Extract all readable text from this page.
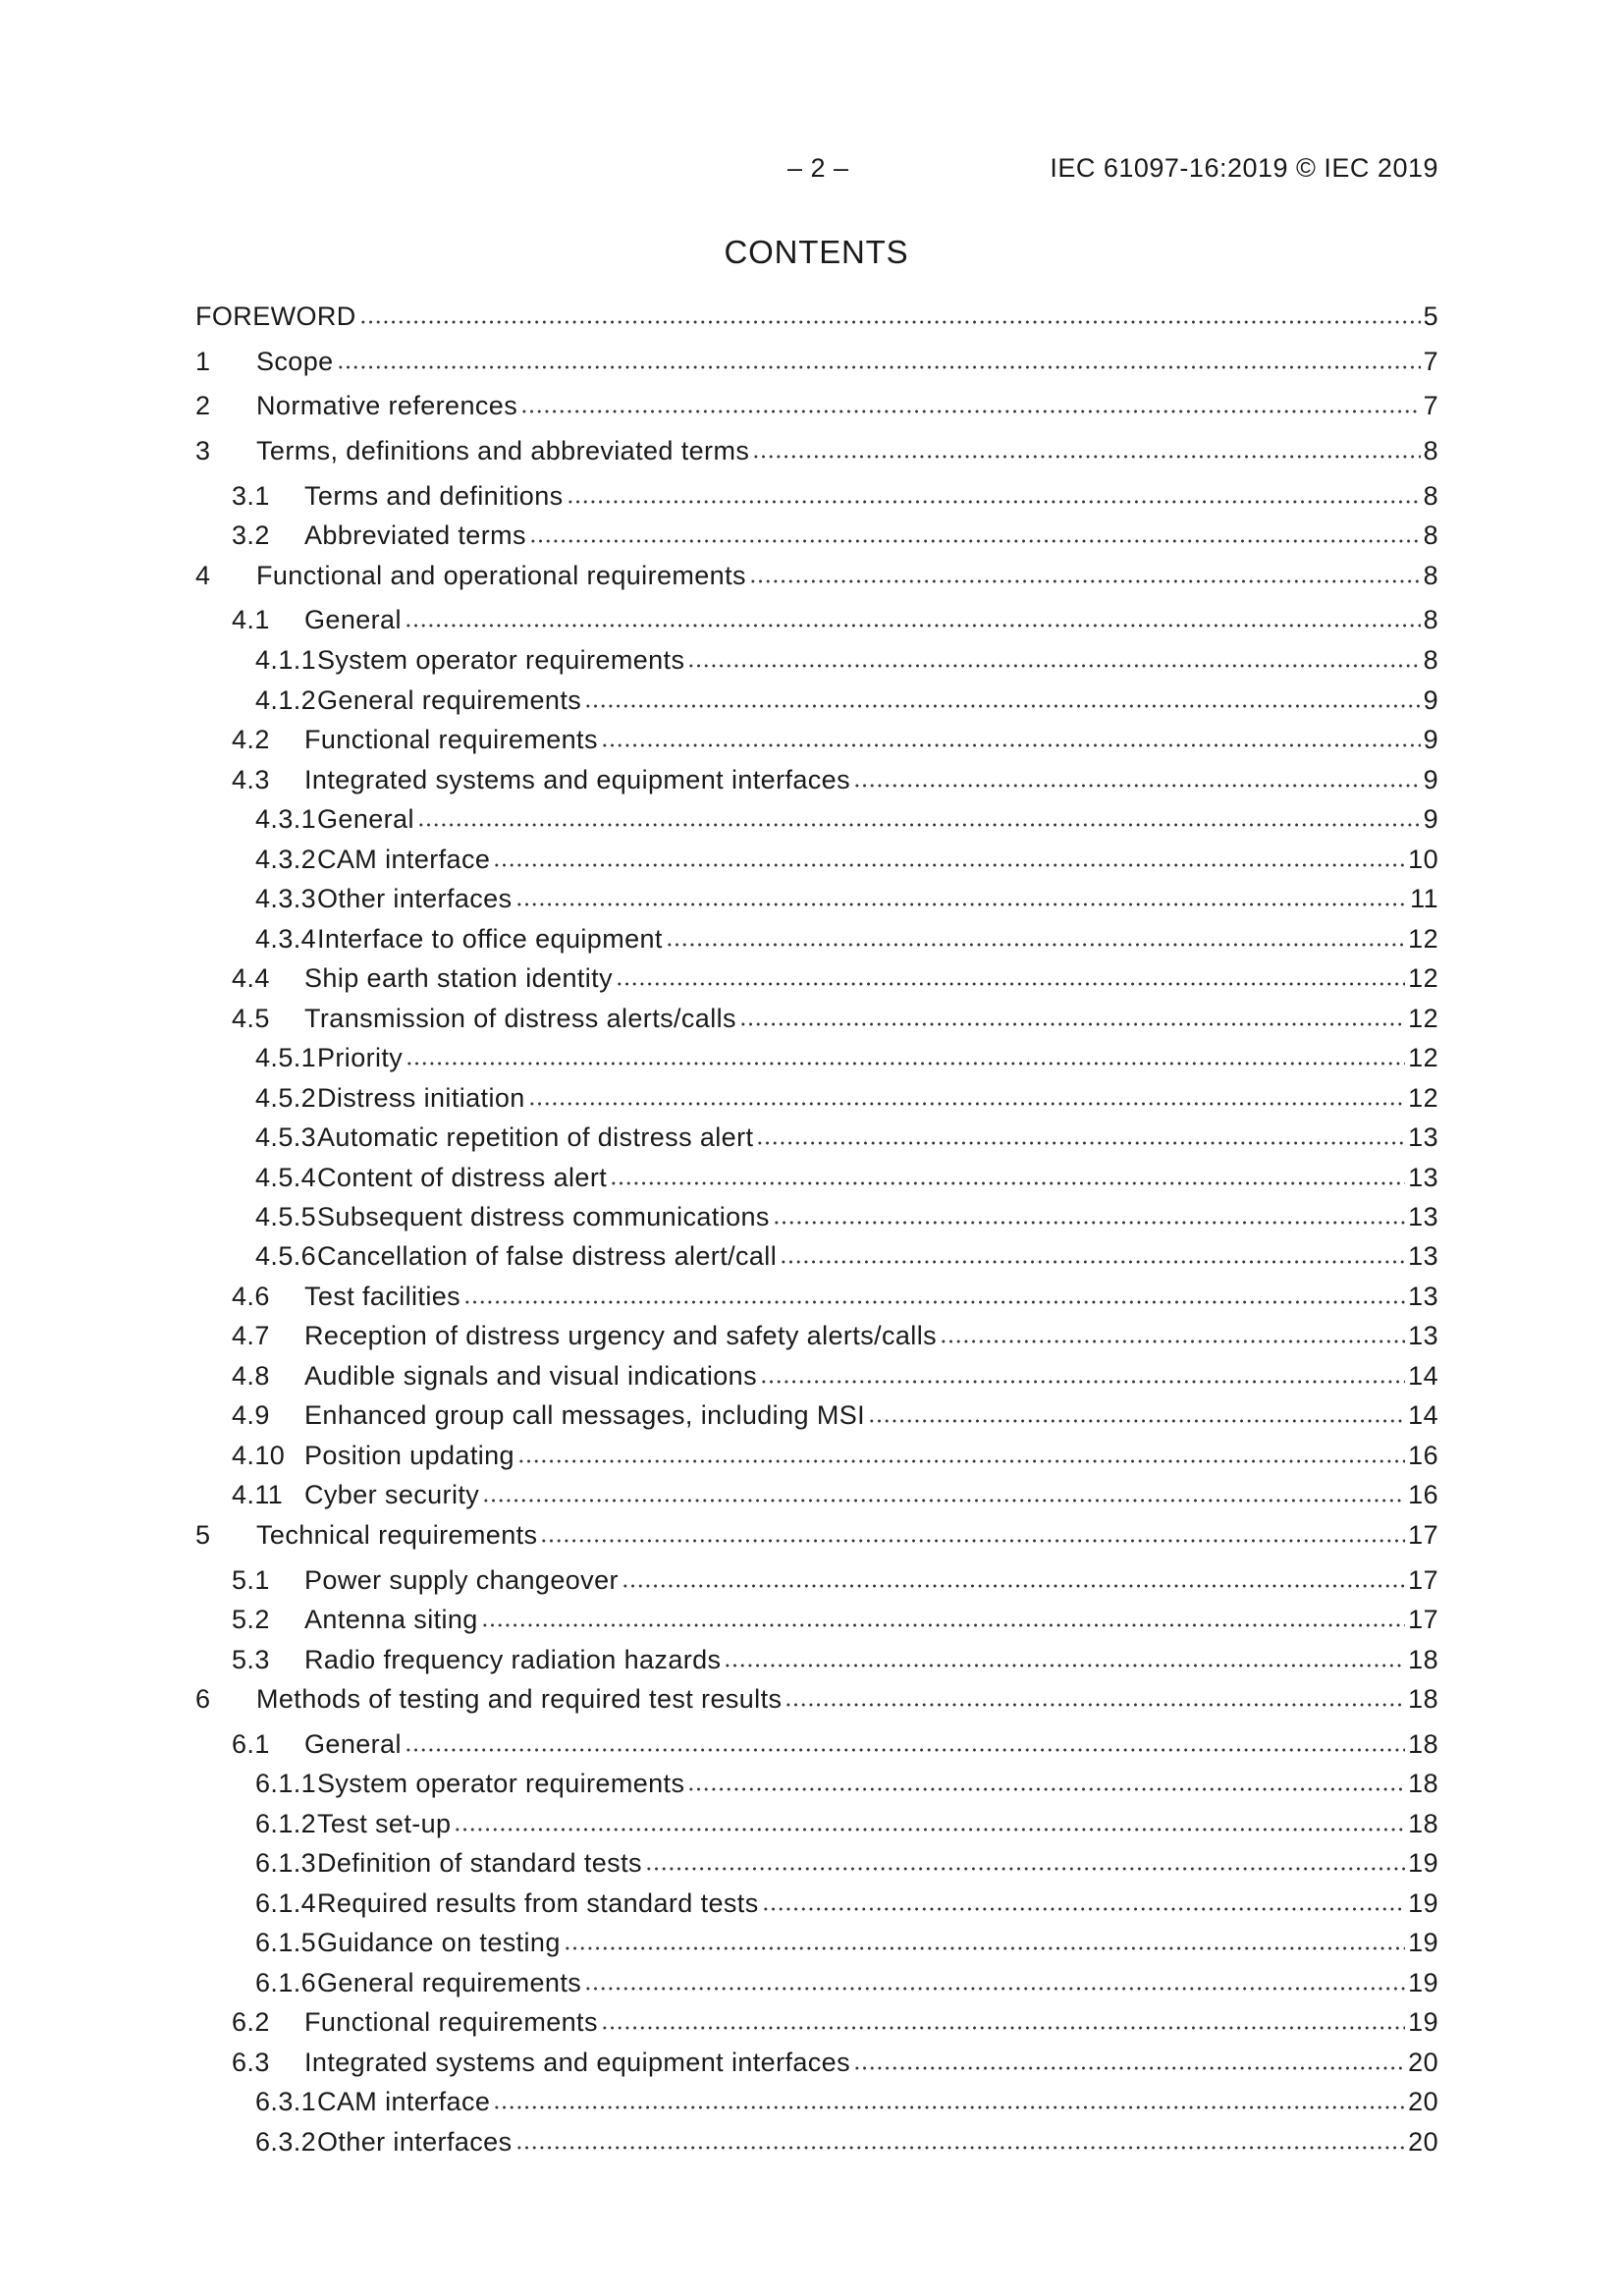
– 2 –	IEC 61097-16:2019 © IEC 2019
CONTENTS
FOREWORD	5
1	Scope	7
2	Normative references	7
3	Terms, definitions and abbreviated terms	8
3.1 Terms and definitions	8
3.2 Abbreviated terms	8
4	Functional and operational requirements	8
4.1 General	8
4.1.1 System operator requirements	8
4.1.2 General requirements	9
4.2 Functional requirements	9
4.3 Integrated systems and equipment interfaces	9
4.3.1 General	9
4.3.2 CAM interface	10
4.3.3 Other interfaces	11
4.3.4 Interface to office equipment	12
4.4 Ship earth station identity	12
4.5 Transmission of distress alerts/calls	12
4.5.1 Priority	12
4.5.2 Distress initiation	12
4.5.3 Automatic repetition of distress alert	13
4.5.4 Content of distress alert	13
4.5.5 Subsequent distress communications	13
4.5.6 Cancellation of false distress alert/call	13
4.6 Test facilities	13
4.7 Reception of distress urgency and safety alerts/calls	13
4.8 Audible signals and visual indications	14
4.9 Enhanced group call messages, including MSI	14
4.10 Position updating	16
4.11 Cyber security	16
5	Technical requirements	17
5.1 Power supply changeover	17
5.2 Antenna siting	17
5.3 Radio frequency radiation hazards	18
6	Methods of testing and required test results	18
6.1 General	18
6.1.1 System operator requirements	18
6.1.2 Test set-up	18
6.1.3 Definition of standard tests	19
6.1.4 Required results from standard tests	19
6.1.5 Guidance on testing	19
6.1.6 General requirements	19
6.2 Functional requirements	19
6.3 Integrated systems and equipment interfaces	20
6.3.1 CAM interface	20
6.3.2 Other interfaces	20
